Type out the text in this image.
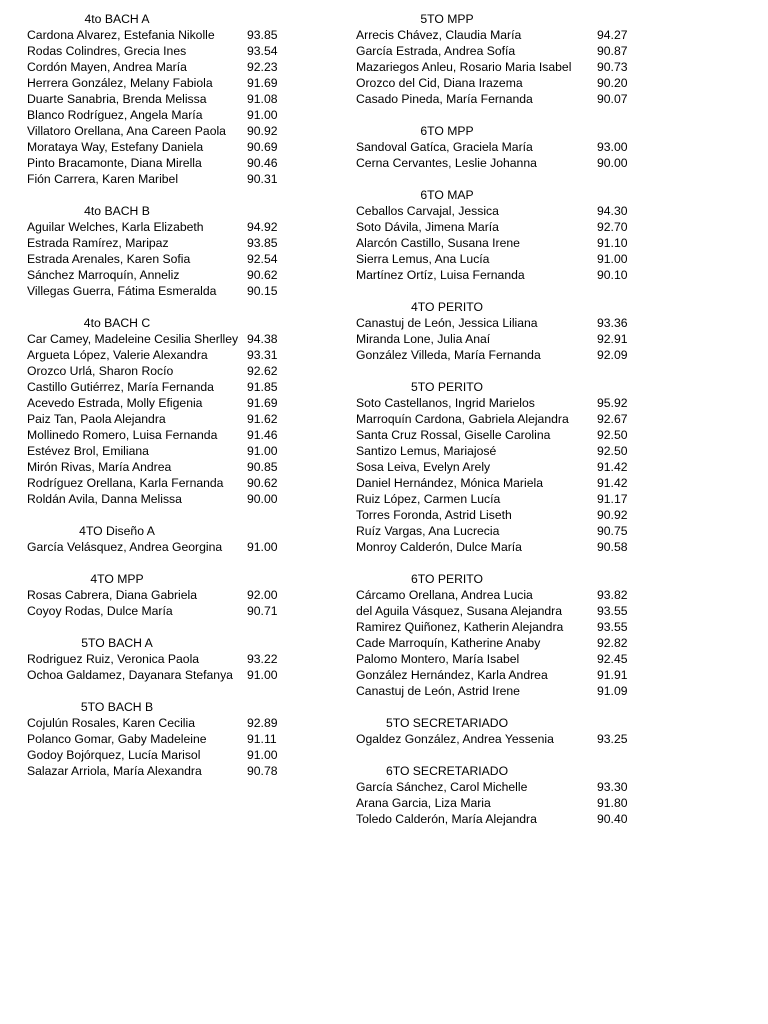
4to BACH A
Cardona Alvarez, Estefania Nikolle	93.85
Rodas Colindres, Grecia Ines	93.54
Cordón Mayen, Andrea María	92.23
Herrera González, Melany Fabiola	91.69
Duarte Sanabria, Brenda Melissa	91.08
Blanco Rodríguez, Angela María	91.00
Villatoro Orellana, Ana Careen Paola 90.92
Morataya Way, Estefany Daniela	90.69
Pinto Bracamonte, Diana Mirella	90.46
Fión Carrera, Karen Maribel	90.31
4to BACH B
Aguilar Welches, Karla Elizabeth	94.92
Estrada Ramírez, Maripaz	93.85
Estrada Arenales, Karen Sofia	92.54
Sánchez Marroquín, Anneliz	90.62
Villegas Guerra, Fátima Esmeralda	90.15
4to BACH C
Car Camey, Madeleine Cesilia Sherlley 94.38
Argueta López, Valerie Alexandra	93.31
Orozco Urlá, Sharon Rocío	92.62
Castillo Gutiérrez, María Fernanda	91.85
Acevedo Estrada, Molly Efigenia	91.69
Paiz Tan, Paola Alejandra	91.62
Mollinedo Romero, Luisa Fernanda 91.46
Estévez Brol, Emiliana	91.00
Mirón Rivas, María Andrea	90.85
Rodríguez Orellana, Karla Fernanda 90.62
Roldán Avila, Danna Melissa	90.00
4TO Diseño A
García Velásquez, Andrea Georgina 91.00
4TO MPP
Rosas Cabrera, Diana Gabriela	92.00
Coyoy Rodas, Dulce María	90.71
5TO BACH A
Rodriguez Ruiz, Veronica Paola	93.22
Ochoa Galdamez, Dayanara Stefanya 91.00
5TO BACH B
Cojulún Rosales, Karen Cecilia	92.89
Polanco Gomar, Gaby Madeleine	91.11
Godoy Bojórquez, Lucía Marisol	91.00
Salazar Arriola, María Alexandra	90.78
5TO MPP
Arrecis Chávez, Claudia María	94.27
García Estrada, Andrea Sofía	90.87
Mazariegos Anleu, Rosario Maria Isabel 90.73
Orozco del Cid, Diana Irazema	90.20
Casado Pineda, María Fernanda	90.07
6TO MPP
Sandoval Gatíca, Graciela María	93.00
Cerna Cervantes, Leslie Johanna	90.00
6TO MAP
Ceballos Carvajal, Jessica	94.30
Soto Dávila, Jimena María	92.70
Alarcón Castillo, Susana Irene	91.10
Sierra Lemus, Ana Lucía	91.00
Martínez Ortíz, Luisa Fernanda	90.10
4TO PERITO
Canastuj de León, Jessica Liliana	93.36
Miranda Lone, Julia Anaí	92.91
González Villeda, María Fernanda	92.09
5TO PERITO
Soto Castellanos, Ingrid Marielos	95.92
Marroquín Cardona, Gabriela Alejandra 92.67
Santa Cruz Rossal, Giselle Carolina	92.50
Santizo Lemus, Mariajosé	92.50
Sosa Leiva, Evelyn Arely	91.42
Daniel Hernández, Mónica Mariela	91.42
Ruiz López, Carmen Lucía	91.17
Torres Foronda, Astrid Liseth	90.92
Ruíz Vargas, Ana Lucrecia	90.75
Monroy Calderón, Dulce María	90.58
6TO PERITO
Cárcamo Orellana, Andrea Lucia	93.82
del Aguila Vásquez, Susana Alejandra	93.55
Ramirez Quiñonez, Katherin Alejandra	93.55
Cade Marroquín, Katherine Anaby	92.82
Palomo Montero, María Isabel	92.45
González Hernández, Karla Andrea	91.91
Canastuj de León, Astrid Irene	91.09
5TO SECRETARIADO
Ogaldez González, Andrea Yessenia	93.25
6TO SECRETARIADO
García Sánchez, Carol Michelle	93.30
Arana Garcia, Liza Maria	91.80
Toledo Calderón, María Alejandra	90.40
